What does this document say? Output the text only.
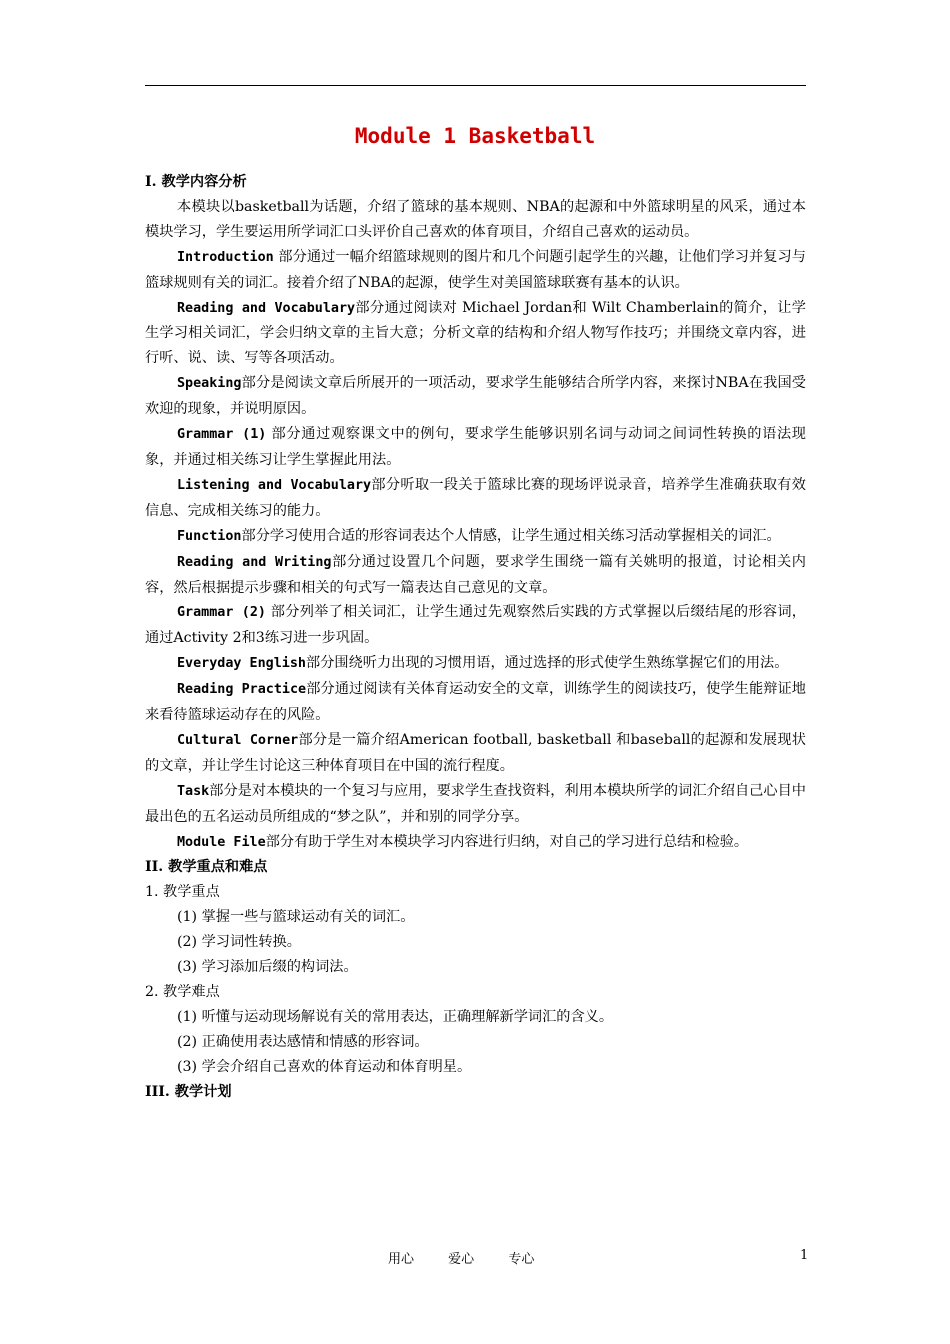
Module 1 Basketball
I. 教学内容分析
本模块以basketball为话题，介绍了篮球的基本规则、NBA的起源和中外篮球明星的风采，通过本模块学习，学生要运用所学词汇口头评价自己喜欢的体育项目，介绍自己喜欢的运动员。
Introduction 部分通过一幅介绍篮球规则的图片和几个问题引起学生的兴趣，让他们学习并复习与篮球规则有关的词汇。接着介绍了NBA的起源，使学生对美国篮球联赛有基本的认识。
Reading and Vocabulary部分通过阅读对 Michael Jordan和 Wilt Chamberlain的简介，让学生学习相关词汇，学会归纳文章的主旨大意；分析文章的结构和介绍人物写作技巧；并围绕文章内容，进行听、说、读、写等各项活动。
Speaking部分是阅读文章后所展开的一项活动，要求学生能够结合所学内容，来探讨NBA在我国受欢迎的现象，并说明原因。
Grammar (1) 部分通过观察课文中的例句，要求学生能够识别名词与动词之间词性转换的语法现象，并通过相关练习让学生掌握此用法。
Listening and Vocabulary部分听取一段关于篮球比赛的现场评说录音，培养学生准确获取有效信息、完成相关练习的能力。
Function部分学习使用合适的形容词表达个人情感，让学生通过相关练习活动掌握相关的词汇。
Reading and Writing部分通过设置几个问题，要求学生围绕一篇有关姚明的报道，讨论相关内容，然后根据提示步骤和相关的句式写一篇表达自己意见的文章。
Grammar (2) 部分列举了相关词汇，让学生通过先观察然后实践的方式掌握以后缀结尾的形容词，通过Activity 2和3练习进一步巩固。
Everyday English部分围绕听力出现的习惯用语，通过选择的形式使学生熟练掌握它们的用法。
Reading Practice部分通过阅读有关体育运动安全的文章，训练学生的阅读技巧，使学生能辩证地来看待篮球运动存在的风险。
Cultural Corner部分是一篇介绍American football, basketball 和baseball的起源和发展现状的文章，并让学生讨论这三种体育项目在中国的流行程度。
Task部分是对本模块的一个复习与应用，要求学生查找资料，利用本模块所学的词汇介绍自己心目中最出色的五名运动员所组成的“梦之队”，并和别的同学分享。
Module File部分有助于学生对本模块学习内容进行归纳，对自己的学习进行总结和检验。
II. 教学重点和难点
1. 教学重点
(1) 掌握一些与篮球运动有关的词汇。
(2) 学习词性转换。
(3) 学习添加后缀的构词法。
2. 教学难点
(1) 听懂与运动现场解说有关的常用表达，正确理解新学词汇的含义。
(2) 正确使用表达感情和情感的形容词。
(3) 学会介绍自己喜欢的体育运动和体育明星。
III. 教学计划
用心	爱心	专心	1
